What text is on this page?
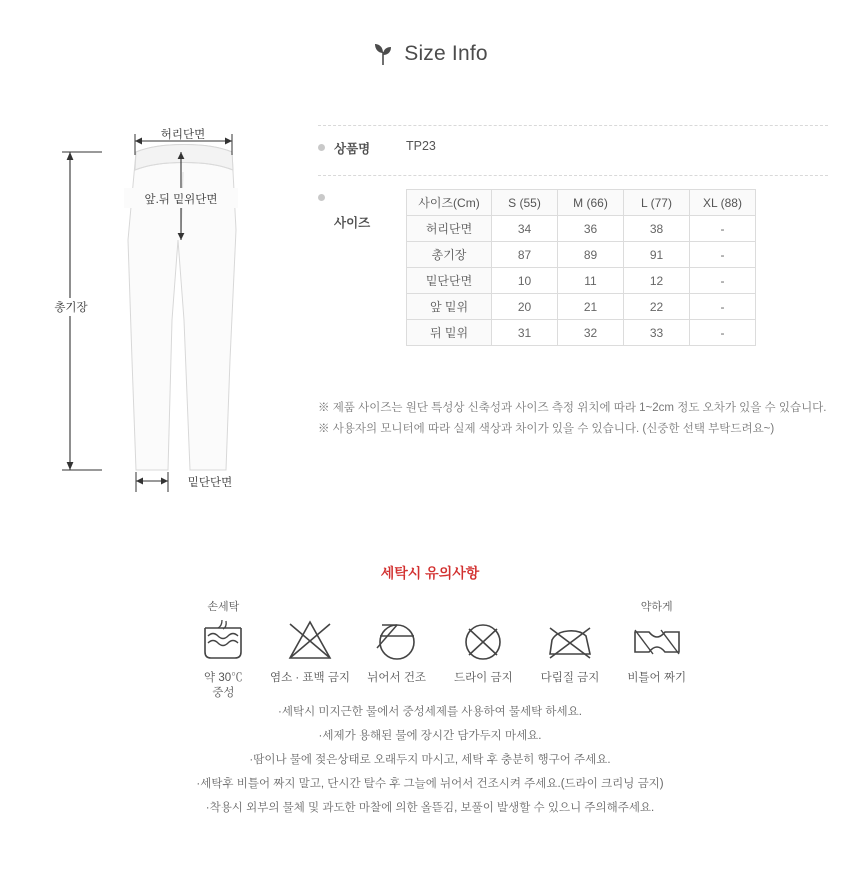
Size Info
허리단면
앞.뒤 밑위단면
총기장
밑단단면
상품명	TP23
사이즈
사이즈(Cm)	S (55)	M (66)	L (77)	XL (88)
허리단면	34	36	38	-
총기장	87	89	91	-
밑단단면	10	11	12	-
앞 밑위	20	21	22	-
뒤 밑위	31	32	33	-
※ 제품 사이즈는 원단 특성상 신축성과 사이즈 측정 위치에 따라 1~2cm 정도 오차가 있을 수 있습니다.
※ 사용자의 모니터에 따라 실제 색상과 차이가 있을 수 있습니다. (신중한 선택 부탁드려요~)
세탁시 유의사항
손세탁
약 30℃
중성
염소 · 표백 금지	뉘어서 건조	드라이 금지	다림질 금지
약하게
비틀어 짜기
·세탁시 미지근한 물에서 중성세제를 사용하여 물세탁 하세요.
·세제가 용해된 물에 장시간 담가두지 마세요.
·땀이나 물에 젖은상태로 오래두지 마시고, 세탁 후 충분히 행구어 주세요.
·세탁후 비틀어 짜지 말고, 단시간 탈수 후 그늘에 뉘어서 건조시켜 주세요.(드라이 크리닝 금지)
·착용시 외부의 물체 및 과도한 마찰에 의한 올뜯김, 보풀이 발생할 수 있으니 주의해주세요.
